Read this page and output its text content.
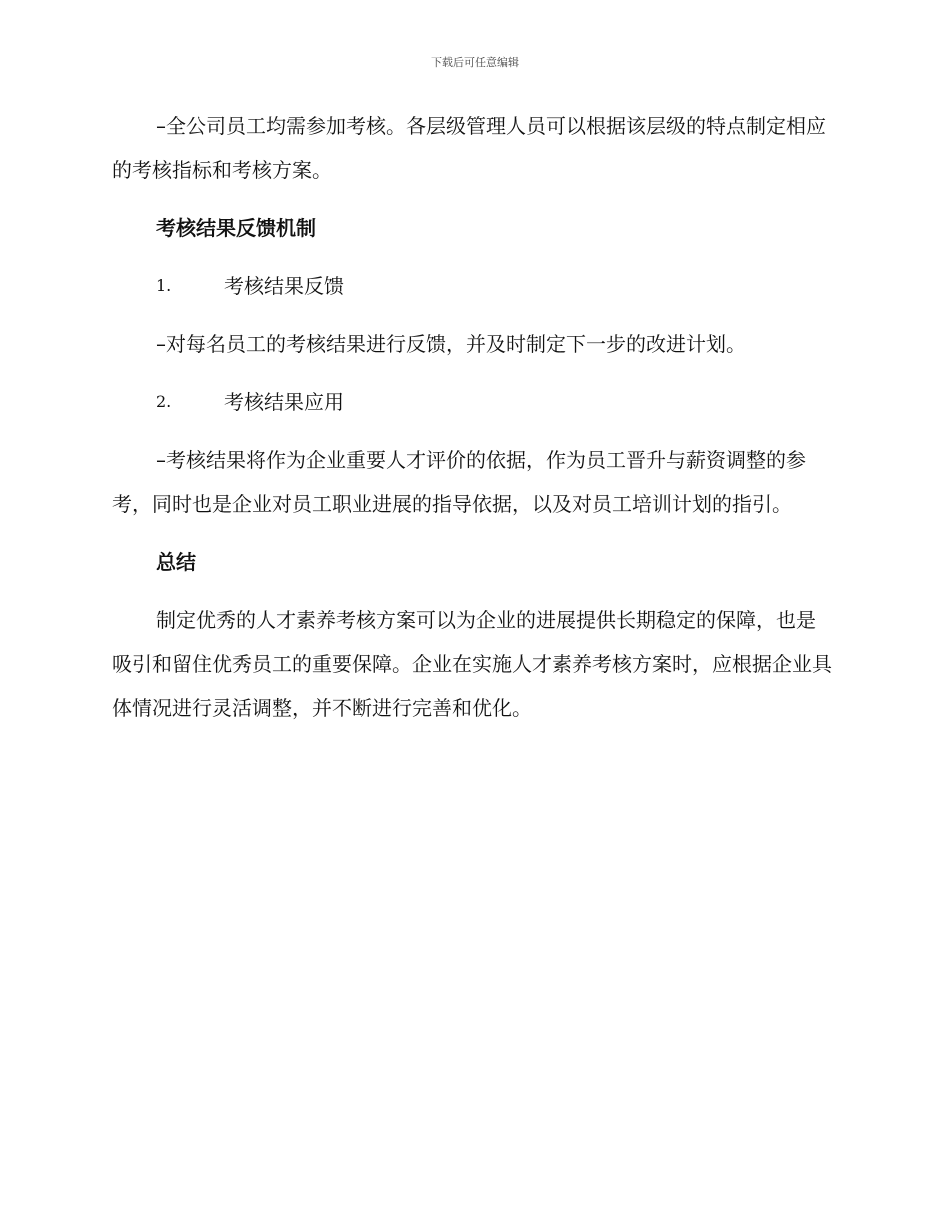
下载后可任意编辑

–全公司员工均需参加考核。各层级管理人员可以根据该层级的特点制定相应的考核指标和考核方案。

考核结果反馈机制
1.	考核结果反馈

–对每名员工的考核结果进行反馈，并及时制定下一步的改进计划。

2.	考核结果应用

–考核结果将作为企业重要人才评价的依据，作为员工晋升与薪资调整的参考，同时也是企业对员工职业进展的指导依据，以及对员工培训计划的指引。

总结

制定优秀的人才素养考核方案可以为企业的进展提供长期稳定的保障，也是吸引和留住优秀员工的重要保障。企业在实施人才素养考核方案时，应根据企业具体情况进行灵活调整，并不断进行完善和优化。
